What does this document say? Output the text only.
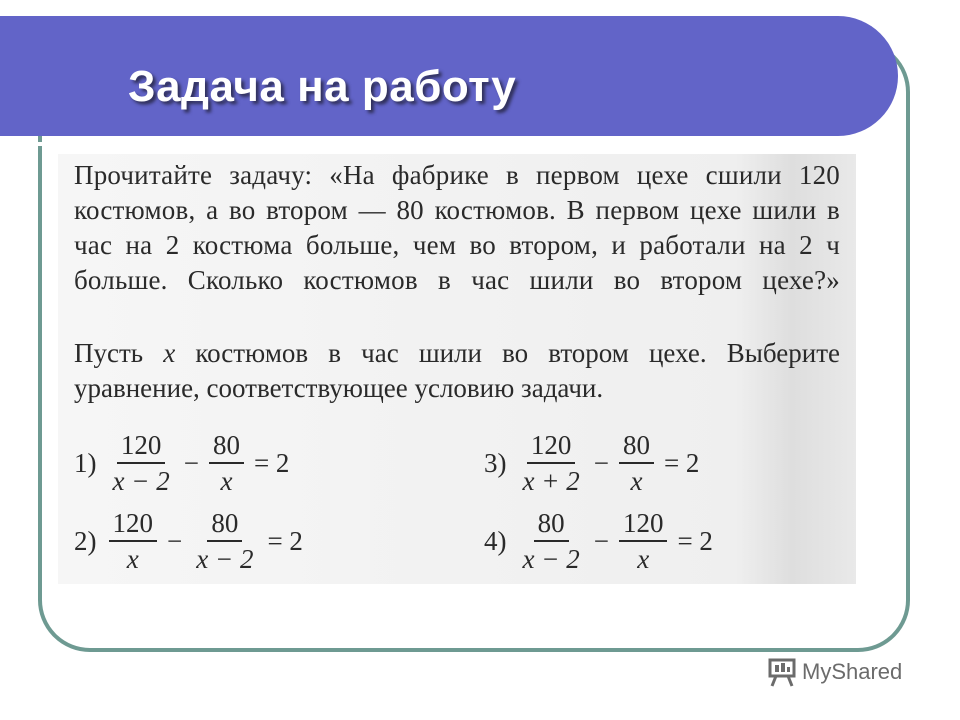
Задача на работу

Прочитайте задачу: «На фабрике в первом цехе сшили 120 костюмов, а во втором — 80 костюмов. В первом цехе шили в час на 2 костюма больше, чем во втором, и работали на 2 ч больше. Сколько костюмов в час шили во втором цехе?»

Пусть x костюмов в час шили во втором цехе. Выберите
уравнение, соответствующее условию задачи.

$1) \frac{120}{x - 2} - \frac{80}{x} = 2$
$2) \frac{120}{x} - \frac{80}{x - 2} = 2$
$3) \frac{120}{x + 2} - \frac{80}{x} = 2$
$4) \frac{80}{x - 2} - \frac{120}{x} = 2$
MyShared
